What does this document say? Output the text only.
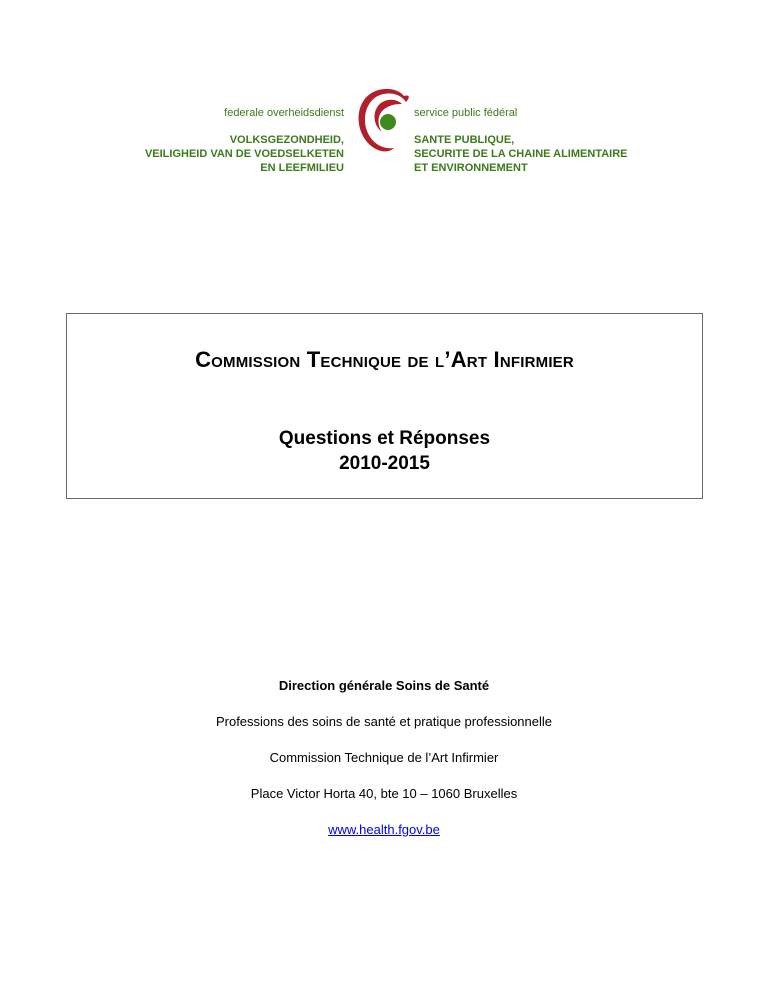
federale overheidsdienst
VOLKSGEZONDHEID,
VEILIGHEID VAN DE VOEDSELKETEN
EN LEEFMILIEU
service public fédéral
SANTE PUBLIQUE,
SECURITE DE LA CHAINE ALIMENTAIRE
ET ENVIRONNEMENT
Commission Technique de l’Art Infirmier
Questions et Réponses
2010-2015
Direction générale Soins de Santé
Professions des soins de santé et pratique professionnelle
Commission Technique de l’Art Infirmier
Place Victor Horta 40, bte 10 – 1060 Bruxelles
www.health.fgov.be
